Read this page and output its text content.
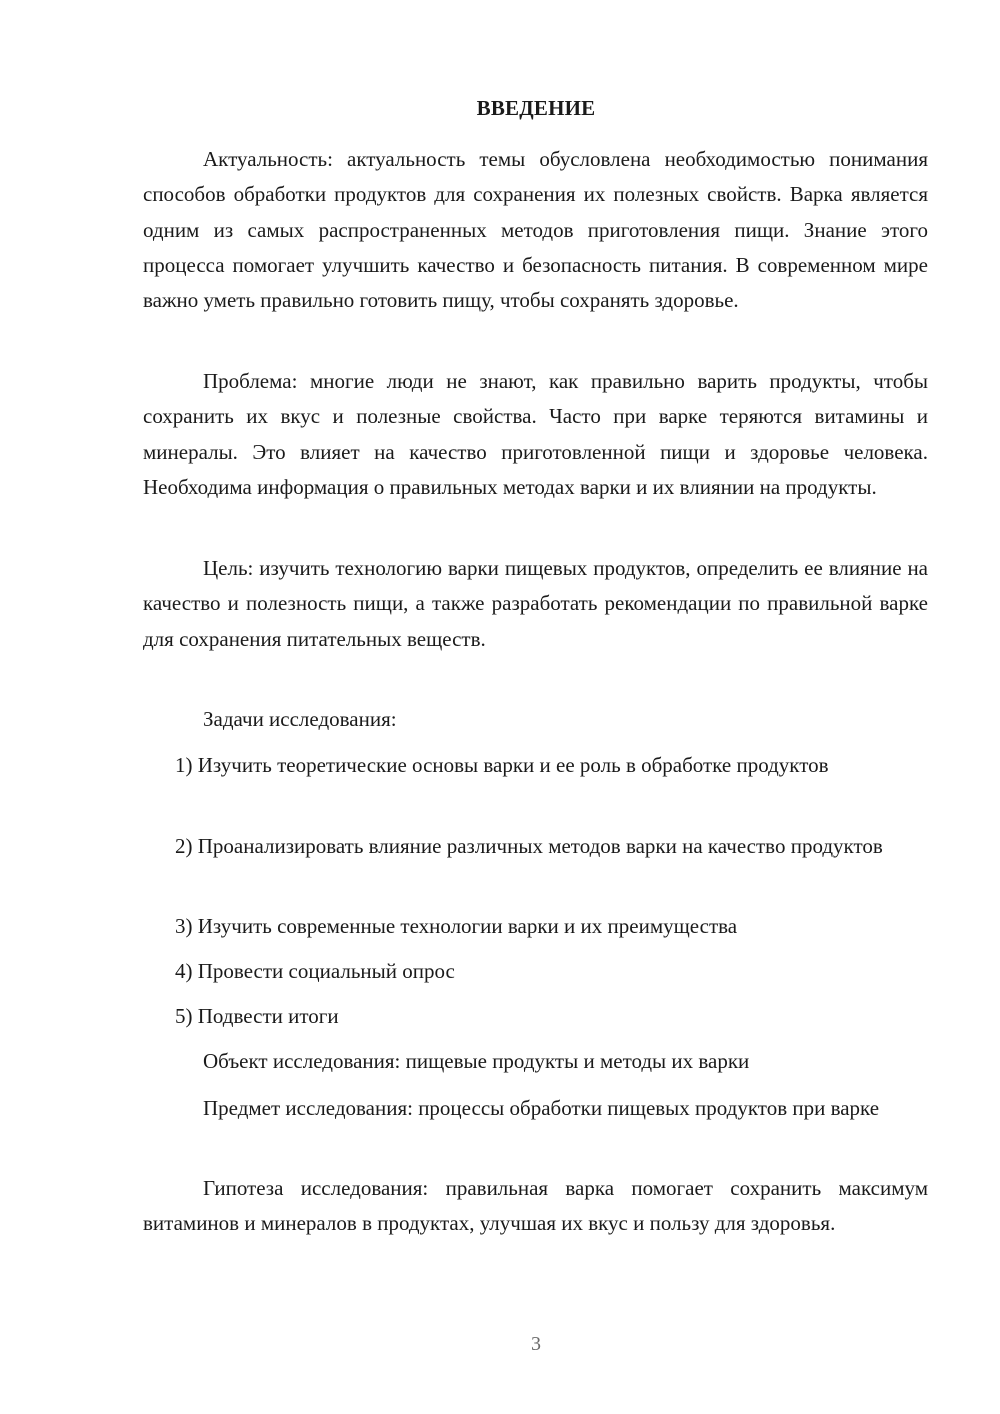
ВВЕДЕНИЕ

Актуальность: актуальность темы обусловлена необходимостью понимания способов обработки продуктов для сохранения их полезных свойств. Варка является одним из самых распространенных методов приготовления пищи. Знание этого процесса помогает улучшить качество и безопасность питания. В современном мире важно уметь правильно готовить пищу, чтобы сохранять здоровье.

Проблема: многие люди не знают, как правильно варить продукты, чтобы сохранить их вкус и полезные свойства. Часто при варке теряются витамины и минералы. Это влияет на качество приготовленной пищи и здоровье человека. Необходима информация о правильных методах варки и их влиянии на продукты.

Цель: изучить технологию варки пищевых продуктов, определить ее влияние на качество и полезность пищи, а также разработать рекомендации по правильной варке для сохранения питательных веществ.

Задачи исследования:

1) Изучить теоретические основы варки и ее роль в обработке продуктов

2) Проанализировать влияние различных методов варки на качество продуктов

3) Изучить современные технологии варки и их преимущества

4) Провести социальный опрос

5) Подвести итоги

Объект исследования: пищевые продукты и методы их варки

Предмет исследования: процессы обработки пищевых продуктов при варке

Гипотеза исследования: правильная варка помогает сохранить максимум витаминов и минералов в продуктах, улучшая их вкус и пользу для здоровья.

3
